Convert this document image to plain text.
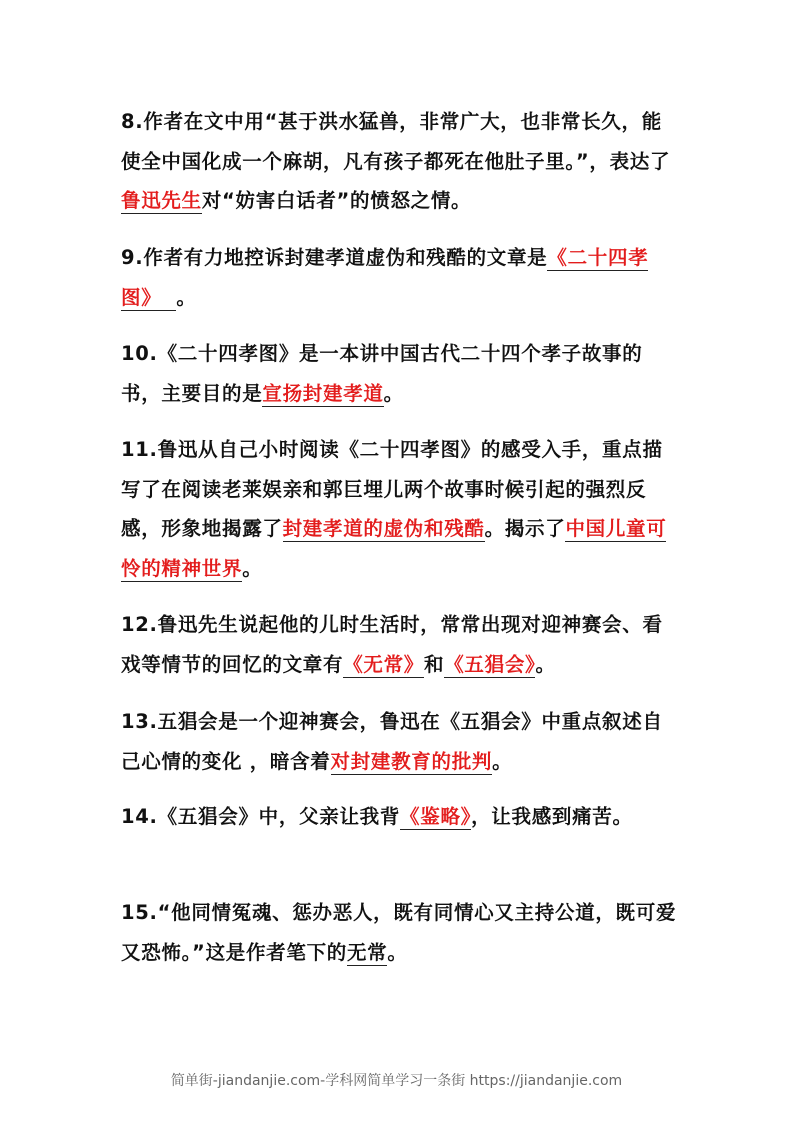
8.作者在文中用“甚于洪水猛兽，非常广大，也非常长久，能使全中国化成一个麻胡，凡有孩子都死在他肚子里。”，表达了鲁迅先生对“妨害白话者”的愤怒之情。

9.作者有力地控诉封建孝道虚伪和残酷的文章是《二十四孝图》 。

10.《二十四孝图》是一本讲中国古代二十四个孝子故事的书，主要目的是宣扬封建孝道。

11.鲁迅从自己小时阅读《二十四孝图》的感受入手，重点描写了在阅读老莱娱亲和郭巨埋儿两个故事时候引起的强烈反感，形象地揭露了封建孝道的虚伪和残酷。揭示了中国儿童可怜的精神世界。

12.鲁迅先生说起他的儿时生活时，常常出现对迎神赛会、看戏等情节的回忆的文章有《无常》和《五猖会》。

13.五猖会是一个迎神赛会，鲁迅在《五猖会》中重点叙述自己心情的变化 ，暗含着对封建教育的批判。

14.《五猖会》中，父亲让我背《鉴略》，让我感到痛苦。

15.“他同情冤魂、惩办恶人，既有同情心又主持公道，既可爱又恐怖。”这是作者笔下的无常。

简单街-jiandanjie.com-学科网简单学习一条街 https://jiandanjie.com
